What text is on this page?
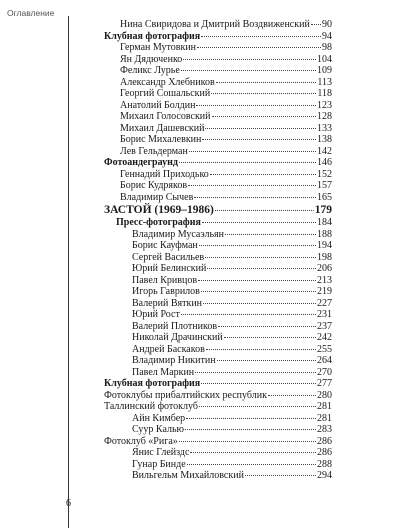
Оглавление
Нина Свиридова и Дмитрий Воздвиженский 90
Клубная фотография	94
Герман Мутовкин	98
Ян Дядюченко	104
Феликс Лурье	109
Александр Хлебников	113
Георгий Сошальский	118
Анатолий Болдин	123
Михаил Голосовский	128
Михаил Дашевский	133
Борис Михалевкин	138
Лев Гельдерман	142
Фотоандеграунд	146
Геннадий Приходько	152
Борис Кудряков	157
Владимир Сычев	165
ЗАСТОЙ (1969–1986)	179
Пресс-фотография	184
Владимир Мусаэльян	188
Борис Кауфман	194
Сергей Васильев	198
Юрий Белинский	206
Павел Кривцов	213
Игорь Гаврилов	219
Валерий Вяткин	227
Юрий Рост	231
Валерий Плотников	237
Николай Драчинский	242
Андрей Баскаков	255
Владимир Никитин	264
Павел Маркин	270
Клубная фотография	277
Фотоклубы прибалтийских республик	280
Таллинский фотоклуб	281
Айн Кимбер	281
Суур Калью	283
Фотоклуб «Рига»	286
Янис Глейздс	286
Гунар Бинде	288
Вильгельм Михайловский	294
6
